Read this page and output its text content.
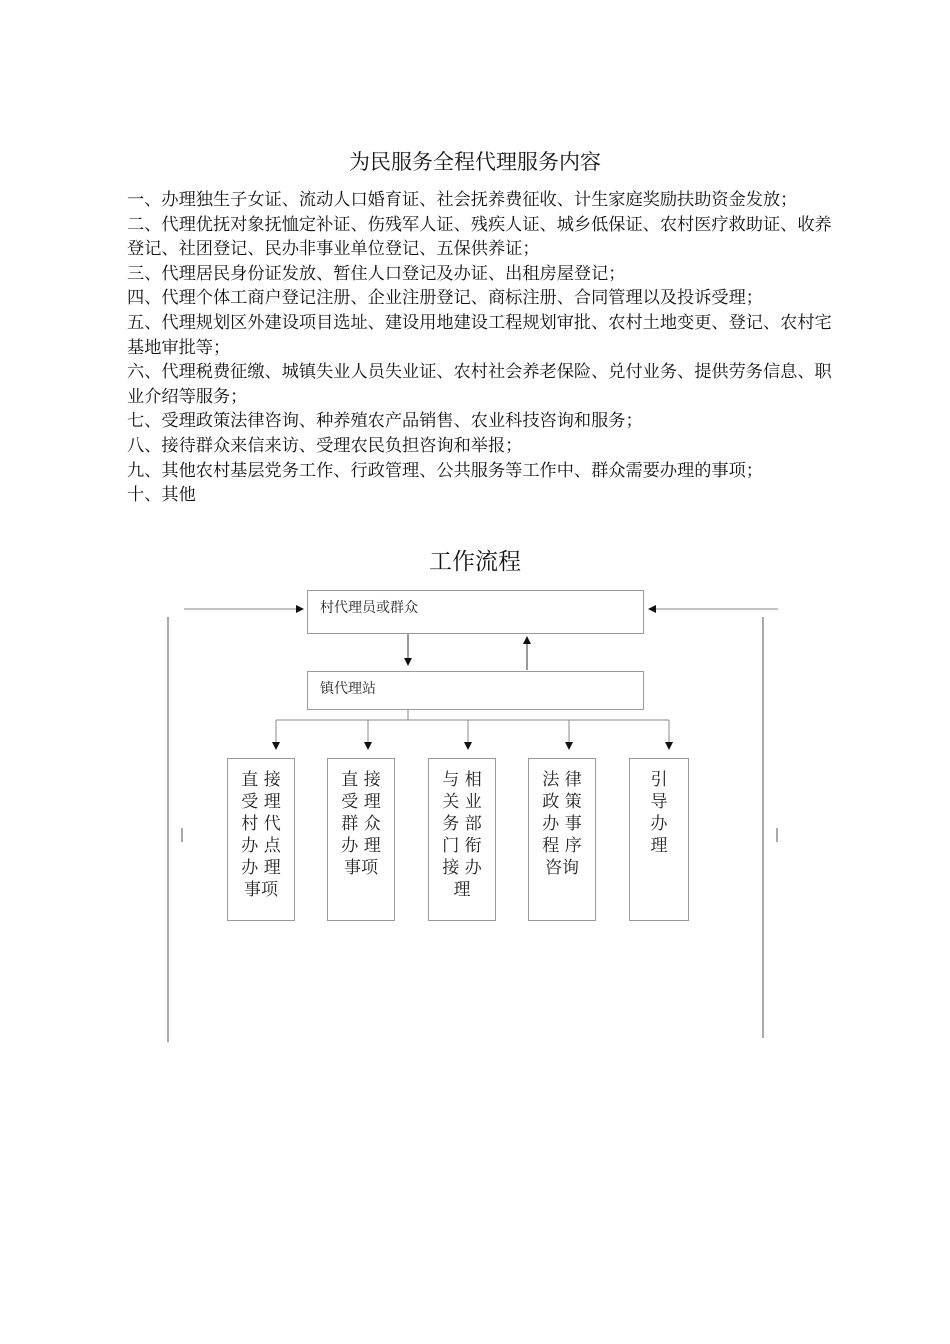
为民服务全程代理服务内容
一、办理独生子女证、流动人口婚育证、社会抚养费征收、计生家庭奖励扶助资金发放；
二、代理优抚对象抚恤定补证、伤残军人证、残疾人证、城乡低保证、农村医疗救助证、收养登记、社团登记、民办非事业单位登记、五保供养证；
三、代理居民身份证发放、暂住人口登记及办证、出租房屋登记；
四、代理个体工商户登记注册、企业注册登记、商标注册、合同管理以及投诉受理；
五、代理规划区外建设项目选址、建设用地建设工程规划审批、农村土地变更、登记、农村宅基地审批等；
六、代理税费征缴、城镇失业人员失业证、农村社会养老保险、兑付业务、提供劳务信息、职业介绍等服务；
七、受理政策法律咨询、种养殖农产品销售、农业科技咨询和服务；
八、接待群众来信来访、受理农民负担咨询和举报；
九、其他农村基层党务工作、行政管理、公共服务等工作中、群众需要办理的事项；
十、其他
工作流程
村代理员或群众
镇代理站
直 接
受 理
村 代
办 点
办 理
事项
直 接
受 理
群 众
办 理
事项
与 相
关 业
务 部
门 衔
接 办
理
法 律
政 策
办 事
程 序
咨询
引
导
办
理
